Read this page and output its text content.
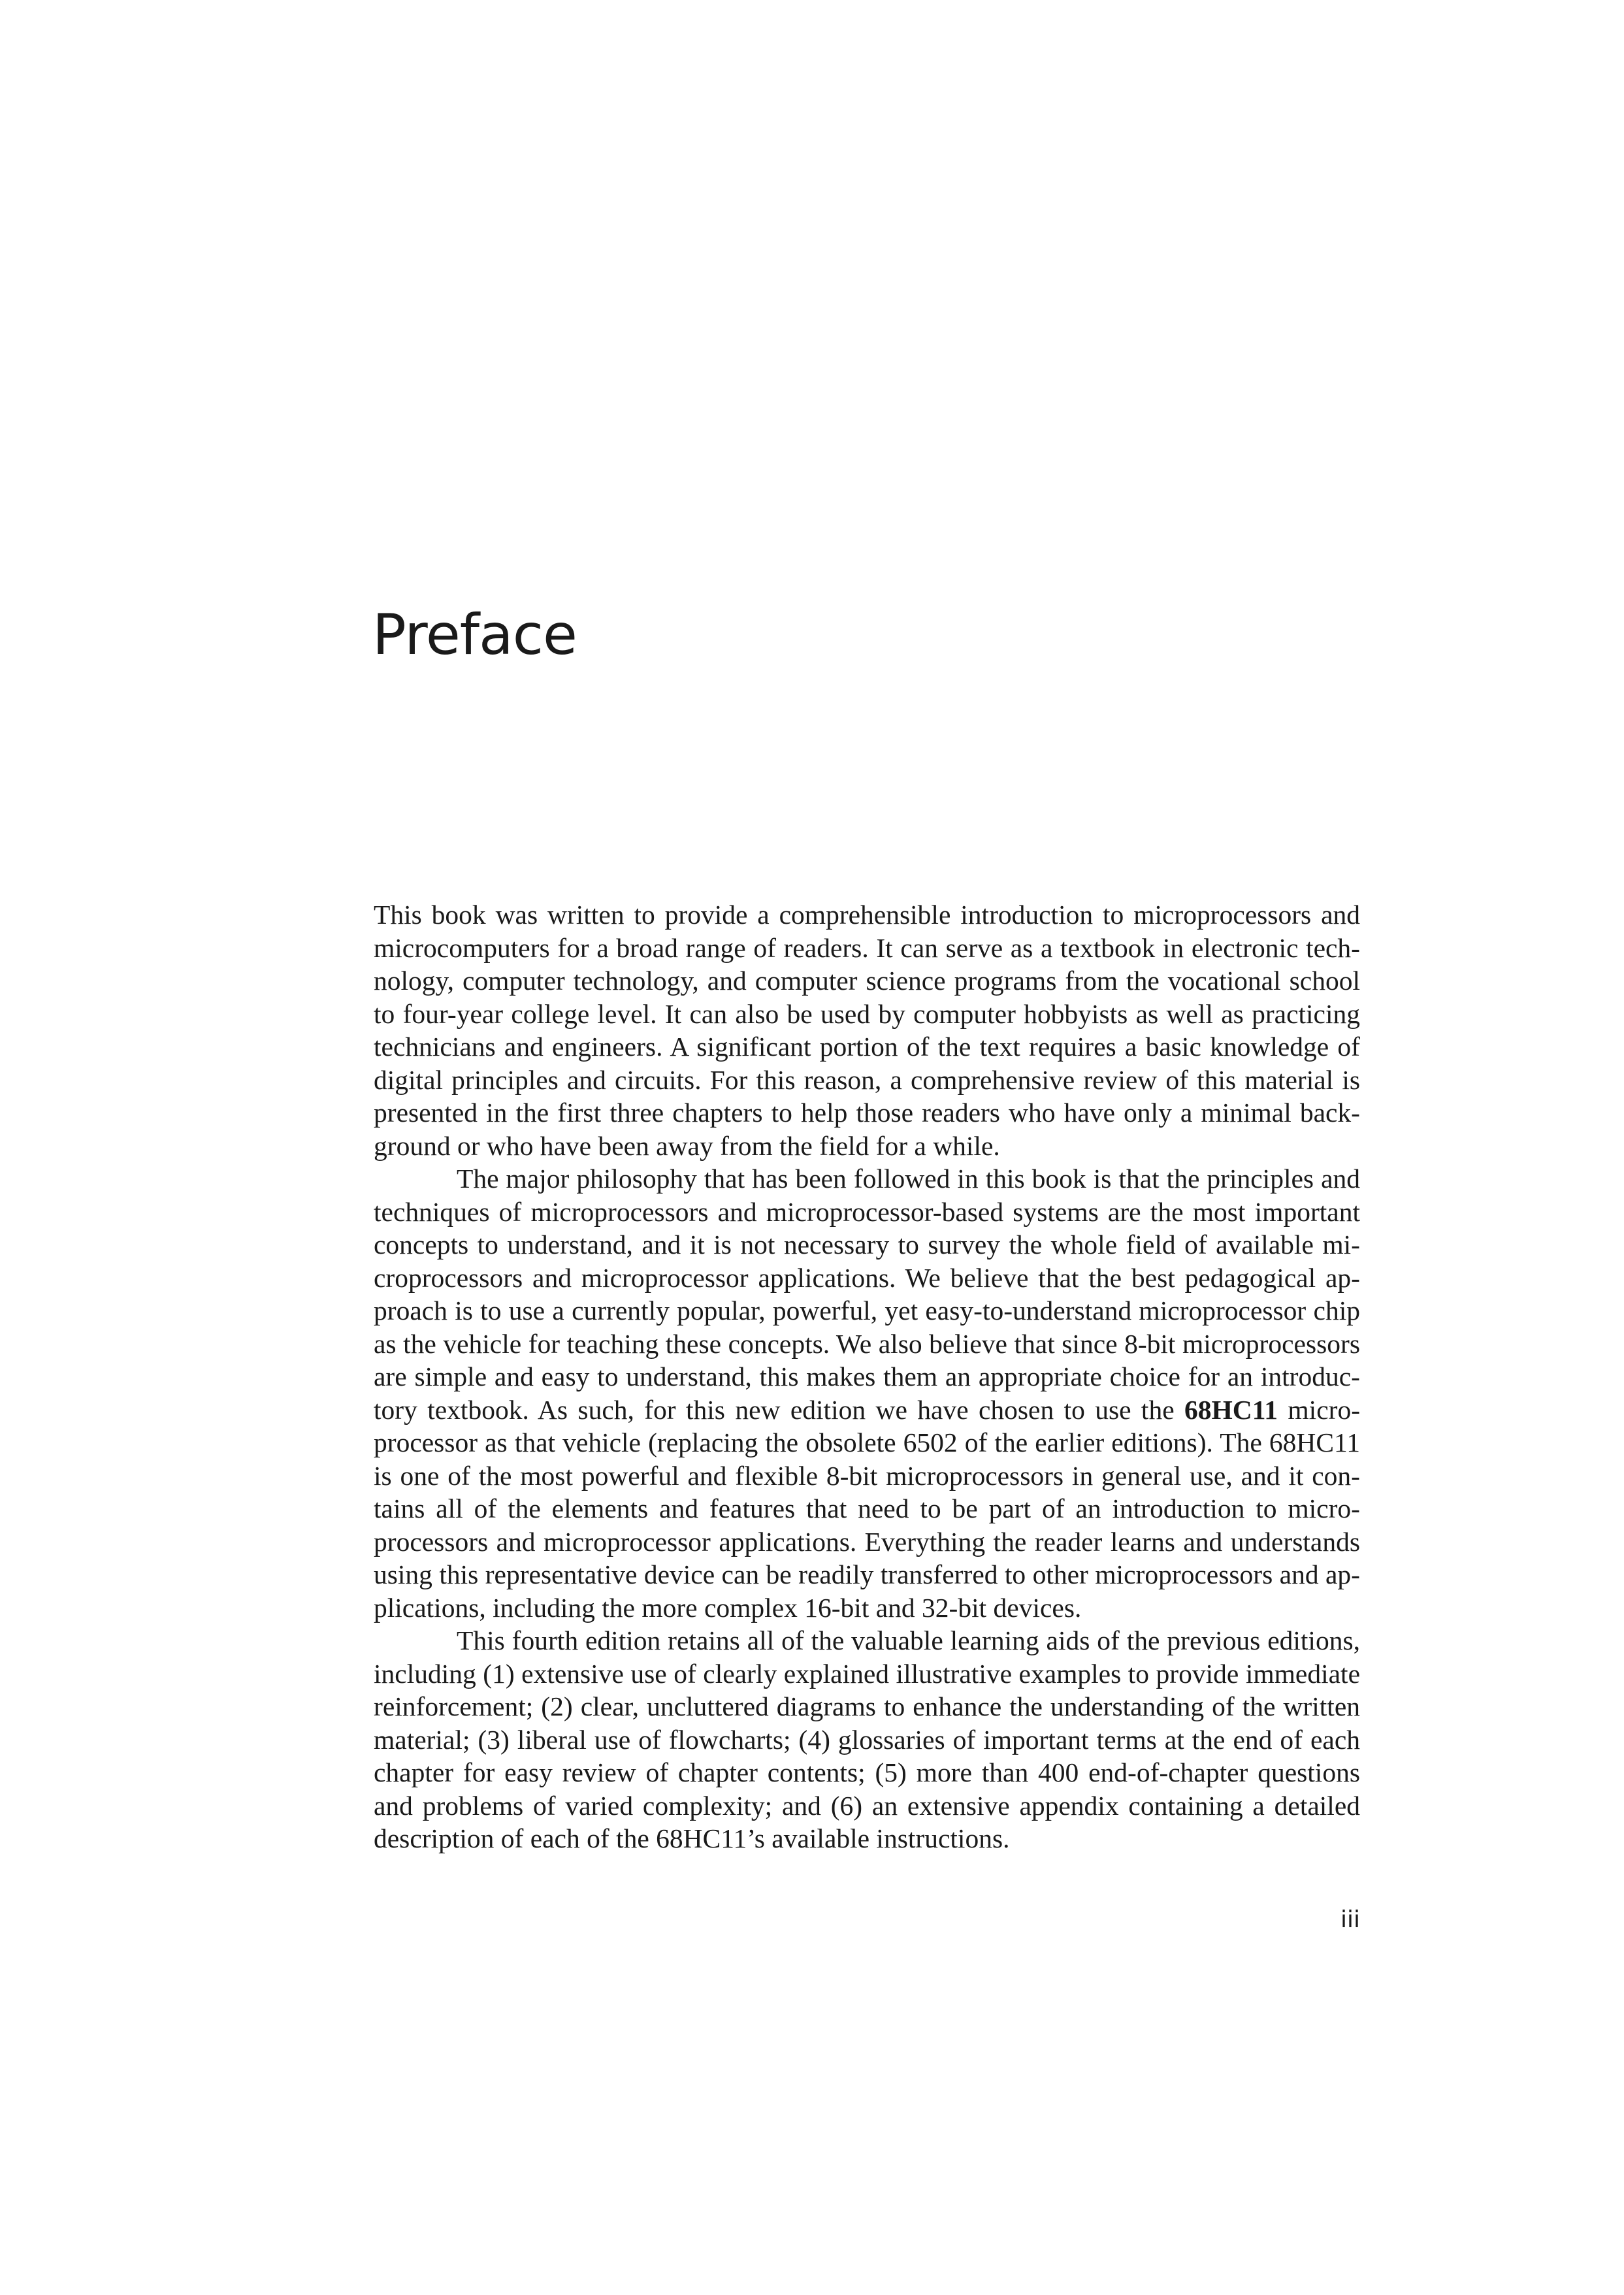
Preface

This book was written to provide a comprehensible introduction to microprocessors and microcomputers for a broad range of readers. It can serve as a textbook in electronic technology, computer technology, and computer science programs from the vocational school to four-year college level. It can also be used by computer hobbyists as well as practicing technicians and engineers. A significant portion of the text requires a basic knowledge of digital principles and circuits. For this reason, a comprehensive review of this material is presented in the first three chapters to help those readers who have only a minimal background or who have been away from the field for a while.

The major philosophy that has been followed in this book is that the principles and techniques of microprocessors and microprocessor-based systems are the most important concepts to understand, and it is not necessary to survey the whole field of available microprocessors and microprocessor applications. We believe that the best pedagogical approach is to use a currently popular, powerful, yet easy-to-understand microprocessor chip as the vehicle for teaching these concepts. We also believe that since 8-bit microprocessors are simple and easy to understand, this makes them an appropriate choice for an introductory textbook. As such, for this new edition we have chosen to use the 68HC11 microprocessor as that vehicle (replacing the obsolete 6502 of the earlier editions). The 68HC11 is one of the most powerful and flexible 8-bit microprocessors in general use, and it contains all of the elements and features that need to be part of an introduction to microprocessors and microprocessor applications. Everything the reader learns and understands using this representative device can be readily transferred to other microprocessors and applications, including the more complex 16-bit and 32-bit devices.

This fourth edition retains all of the valuable learning aids of the previous editions, including (1) extensive use of clearly explained illustrative examples to provide immediate reinforcement; (2) clear, uncluttered diagrams to enhance the understanding of the written material; (3) liberal use of flowcharts; (4) glossaries of important terms at the end of each chapter for easy review of chapter contents; (5) more than 400 end-of-chapter questions and problems of varied complexity; and (6) an extensive appendix containing a detailed description of each of the 68HC11’s available instructions.

iii
